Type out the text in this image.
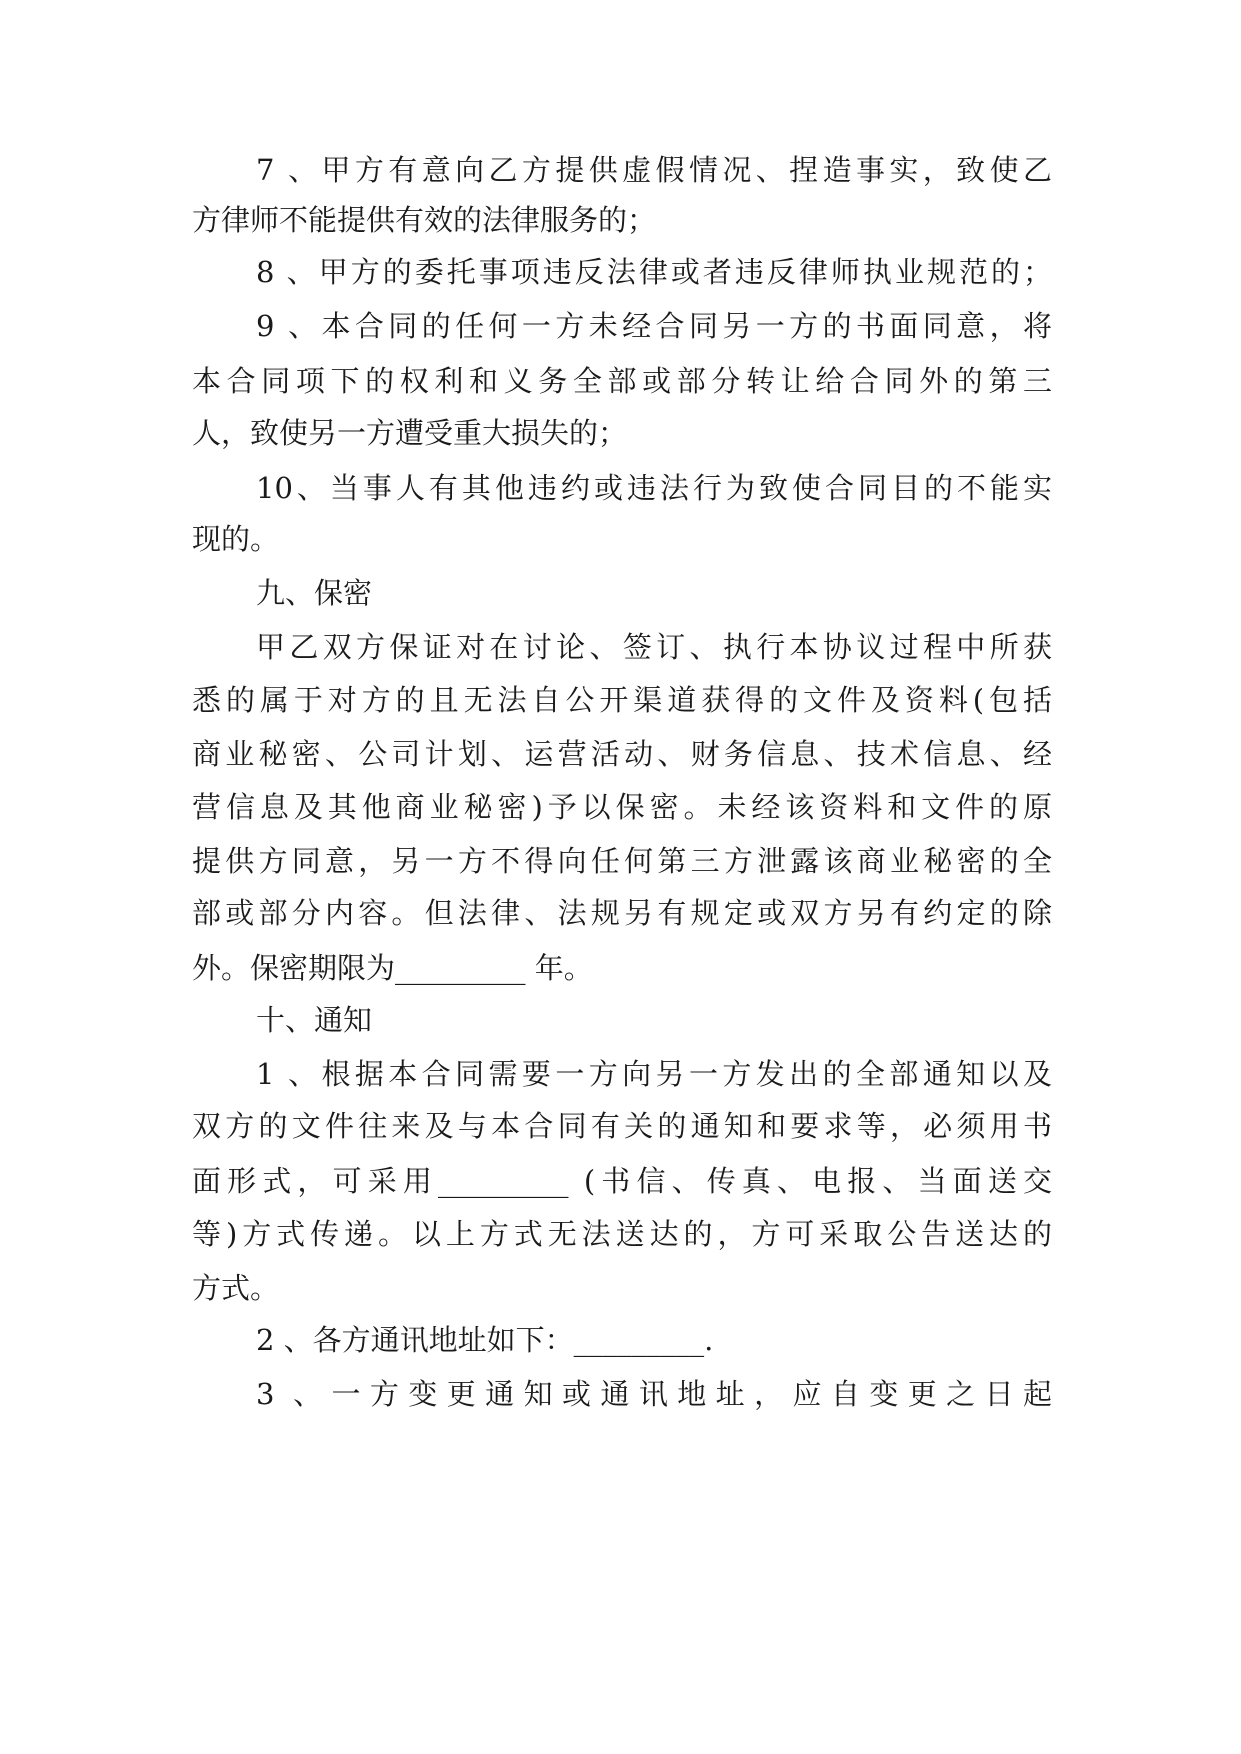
7 、甲方有意向乙方提供虚假情况、捏造事实，致使乙
方律师不能提供有效的法律服务的；
8 、甲方的委托事项违反法律或者违反律师执业规范的；
9 、本合同的任何一方未经合同另一方的书面同意，将
本合同项下的权利和义务全部或部分转让给合同外的第三
人，致使另一方遭受重大损失的；
10、当事人有其他违约或违法行为致使合同目的不能实
现的。
九、保密
甲乙双方保证对在讨论、签订、执行本协议过程中所获
悉的属于对方的且无法自公开渠道获得的文件及资料(包括
商业秘密、公司计划、运营活动、财务信息、技术信息、经
营信息及其他商业秘密)予以保密。未经该资料和文件的原
提供方同意，另一方不得向任何第三方泄露该商业秘密的全
部或部分内容。但法律、法规另有规定或双方另有约定的除
外。保密期限为_________ 年。
十、通知
1 、根据本合同需要一方向另一方发出的全部通知以及
双方的文件往来及与本合同有关的通知和要求等，必须用书
面形式，可采用_________ (书信、传真、电报、当面送交
等)方式传递。以上方式无法送达的，方可采取公告送达的
方式。
2 、各方通讯地址如下：_________.
3 、一方变更通知或通讯地址，应自变更之日起
